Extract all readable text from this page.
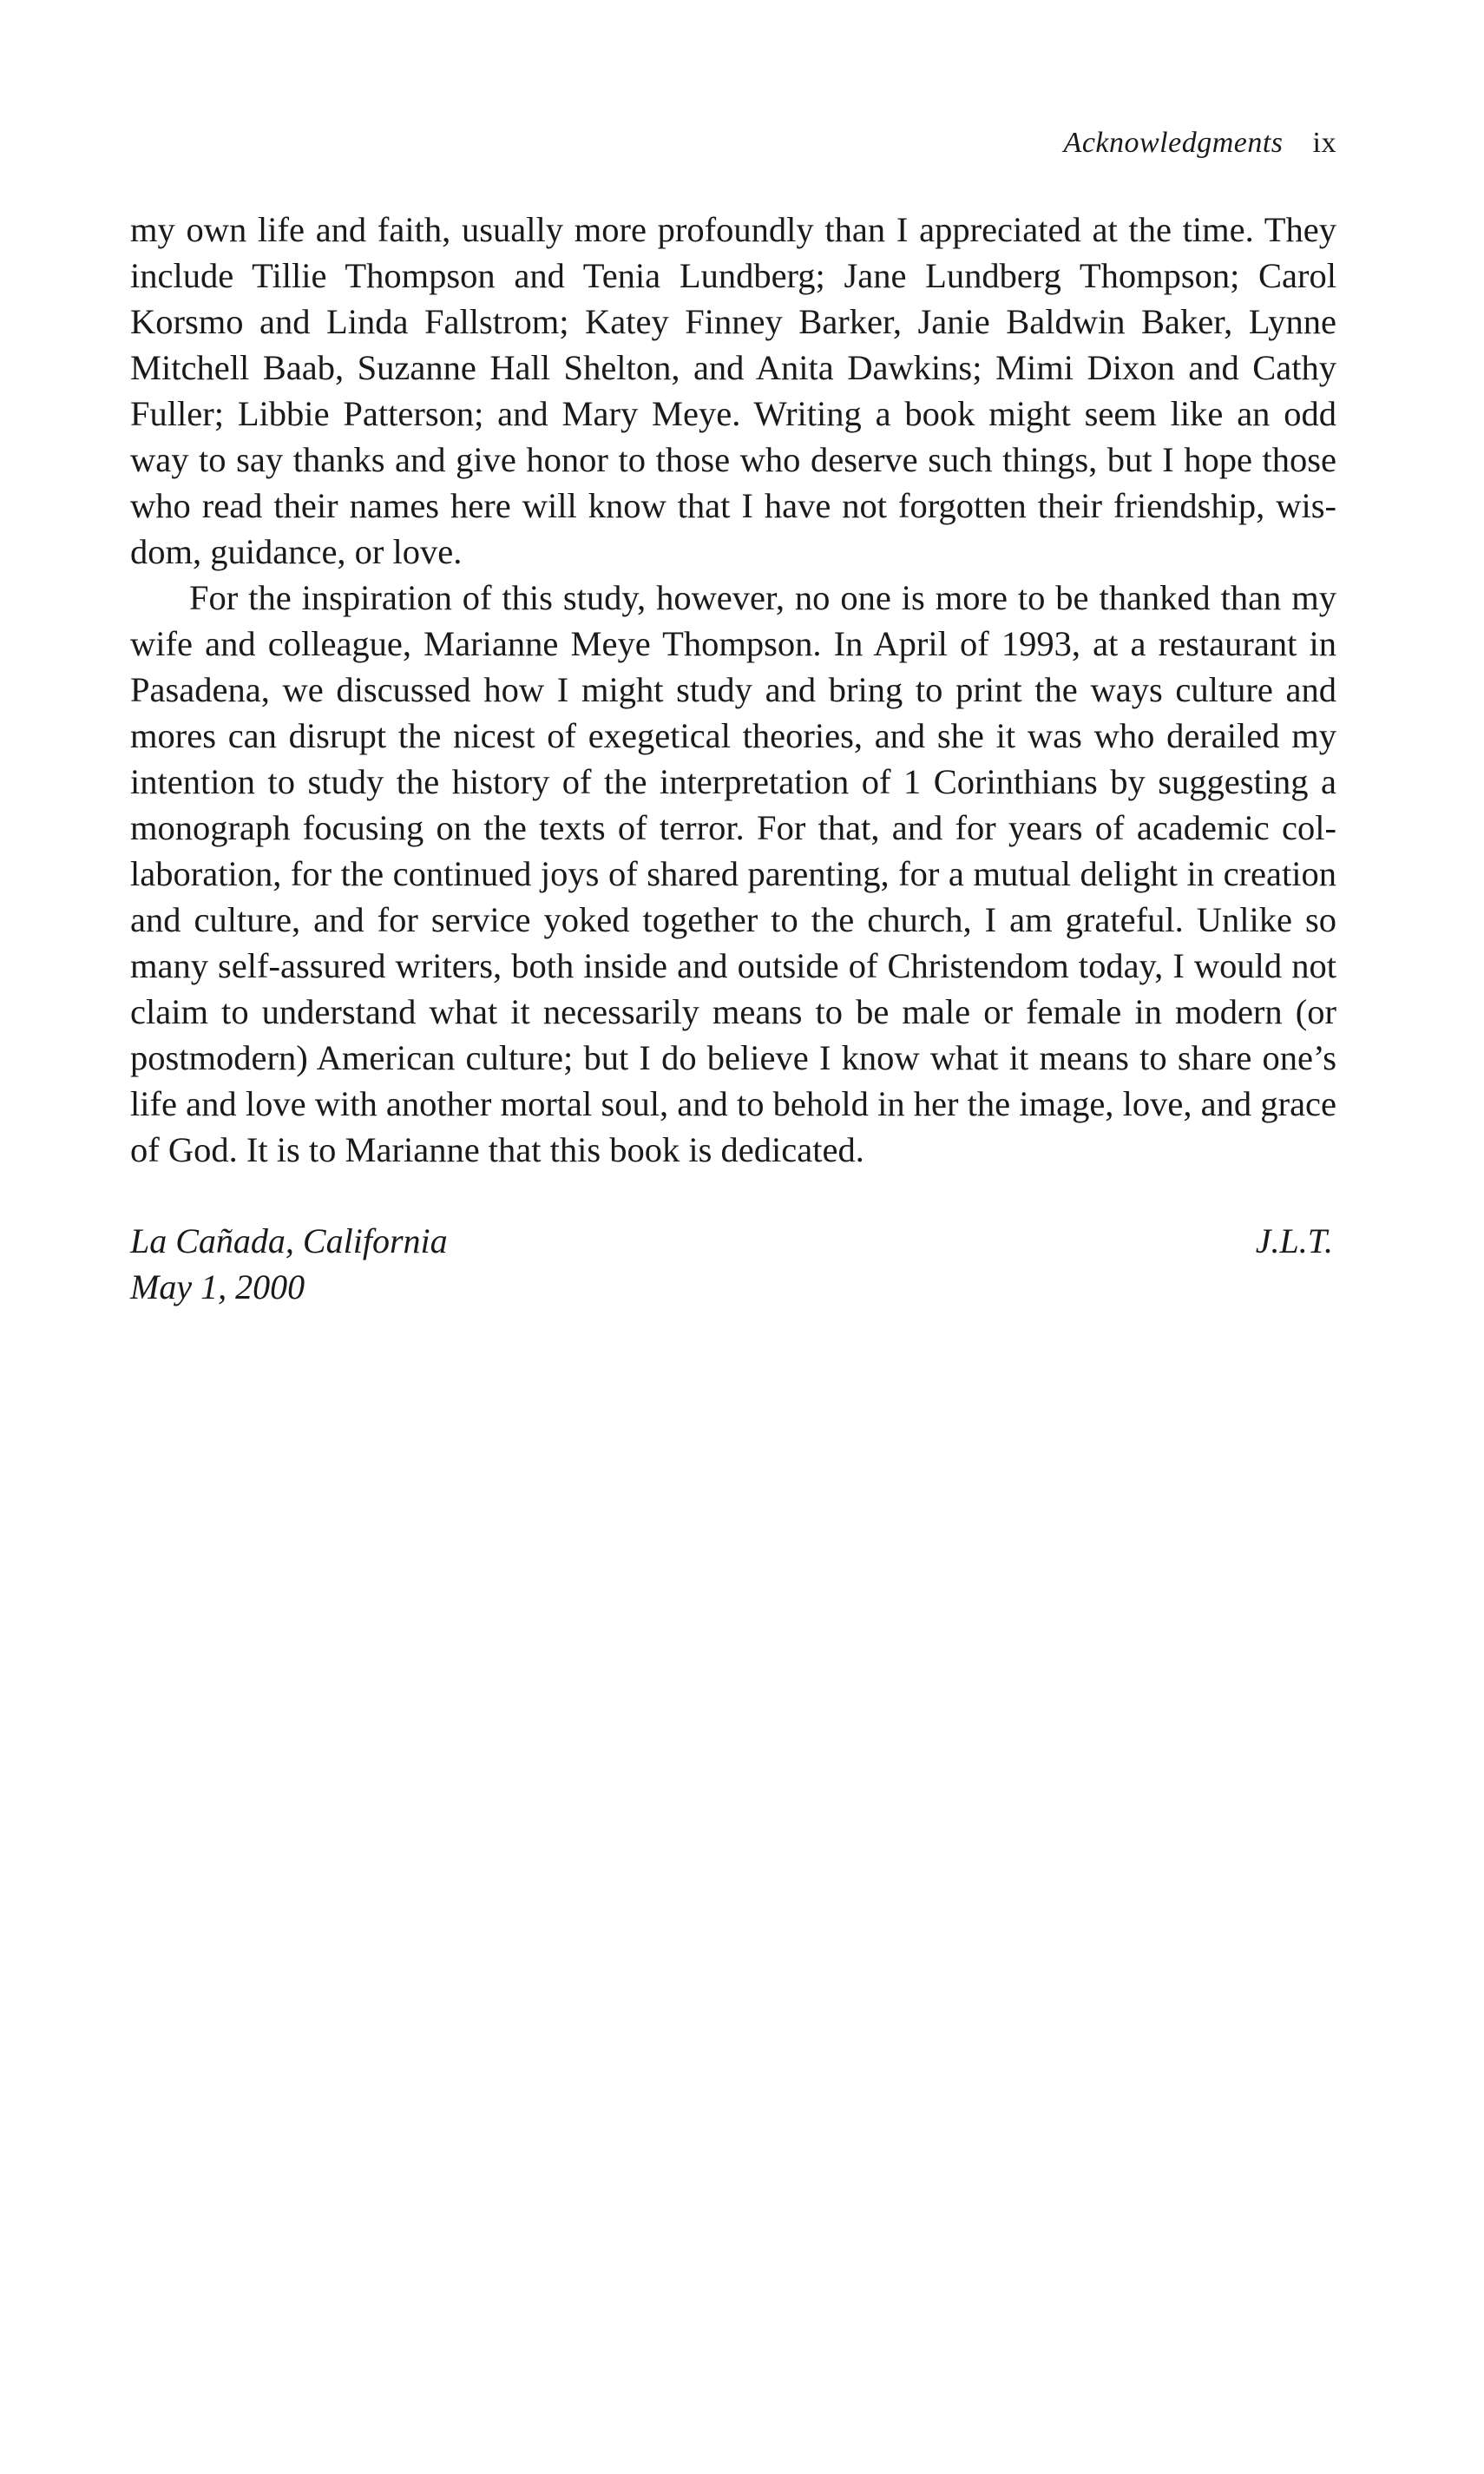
Acknowledgments ix

my own life and faith, usually more profoundly than I appreciated at the time. They include Tillie Thompson and Tenia Lundberg; Jane Lundberg Thompson; Carol Korsmo and Linda Fallstrom; Katey Finney Barker, Janie Baldwin Baker, Lynne Mitchell Baab, Suzanne Hall Shelton, and Anita Dawkins; Mimi Dixon and Cathy Fuller; Libbie Patterson; and Mary Meye. Writing a book might seem like an odd way to say thanks and give honor to those who deserve such things, but I hope those who read their names here will know that I have not forgotten their friendship, wisdom, guidance, or love.

For the inspiration of this study, however, no one is more to be thanked than my wife and colleague, Marianne Meye Thompson. In April of 1993, at a restaurant in Pasadena, we discussed how I might study and bring to print the ways culture and mores can disrupt the nicest of exegetical theories, and she it was who derailed my intention to study the history of the interpretation of 1 Corinthians by suggesting a monograph focusing on the texts of terror. For that, and for years of academic collaboration, for the continued joys of shared parenting, for a mutual delight in creation and culture, and for service yoked together to the church, I am grateful. Unlike so many self-assured writers, both inside and outside of Christendom today, I would not claim to understand what it necessarily means to be male or female in modern (or postmodern) American culture; but I do believe I know what it means to share one’s life and love with another mortal soul, and to behold in her the image, love, and grace of God. It is to Marianne that this book is dedicated.

La Cañada, California
May 1, 2000
J.L.T.
